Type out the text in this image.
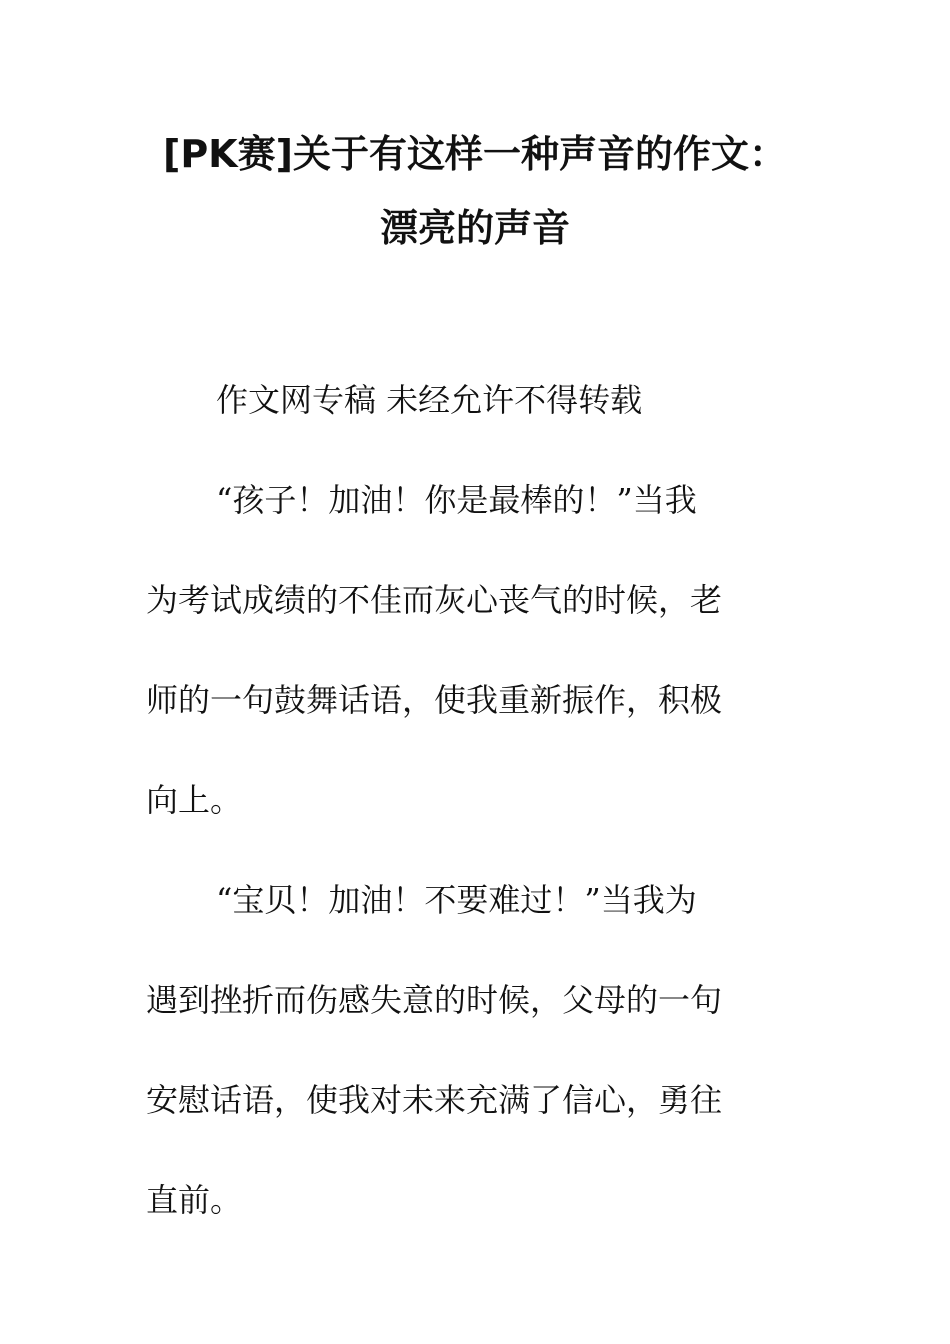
[PK赛]关于有这样一种声音的作文：
漂亮的声音
作文网专稿 未经允许不得转载
“孩子！加油！你是最棒的！”当我
为考试成绩的不佳而灰心丧气的时候，老
师的一句鼓舞话语，使我重新振作，积极
向上。
“宝贝！加油！不要难过！”当我为
遇到挫折而伤感失意的时候，父母的一句
安慰话语，使我对未来充满了信心，勇往
直前。
